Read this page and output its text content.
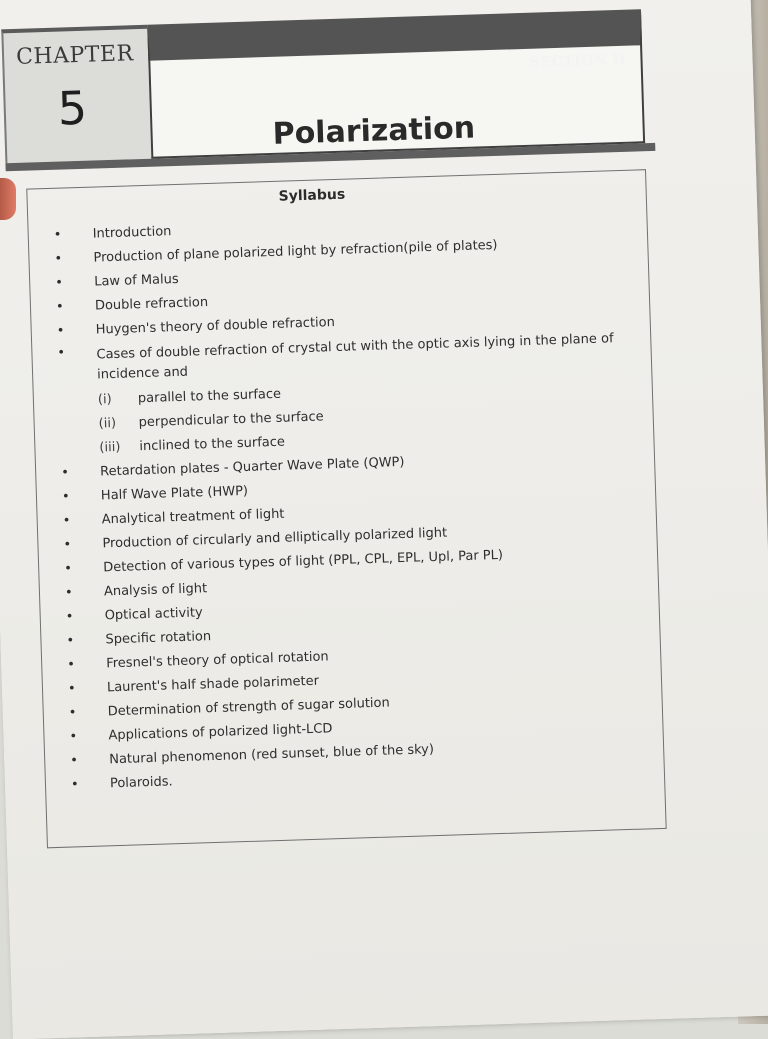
CHAPTER
5
SECTION II
Polarization
Syllabus
• Introduction
• Production of plane polarized light by refraction(pile of plates)
• Law of Malus
• Double refraction
• Huygen's theory of double refraction
• Cases of double refraction of crystal cut with the optic axis lying in the plane of incidence and
(i) parallel to the surface
(ii) perpendicular to the surface
(iii) inclined to the surface
• Retardation plates - Quarter Wave Plate (QWP)
• Half Wave Plate (HWP)
• Analytical treatment of light
• Production of circularly and elliptically polarized light
• Detection of various types of light (PPL, CPL, EPL, Upl, Par PL)
• Analysis of light
• Optical activity
• Specific rotation
• Fresnel's theory of optical rotation
• Laurent's half shade polarimeter
• Determination of strength of sugar solution
• Applications of polarized light-LCD
• Natural phenomenon (red sunset, blue of the sky)
• Polaroids.
